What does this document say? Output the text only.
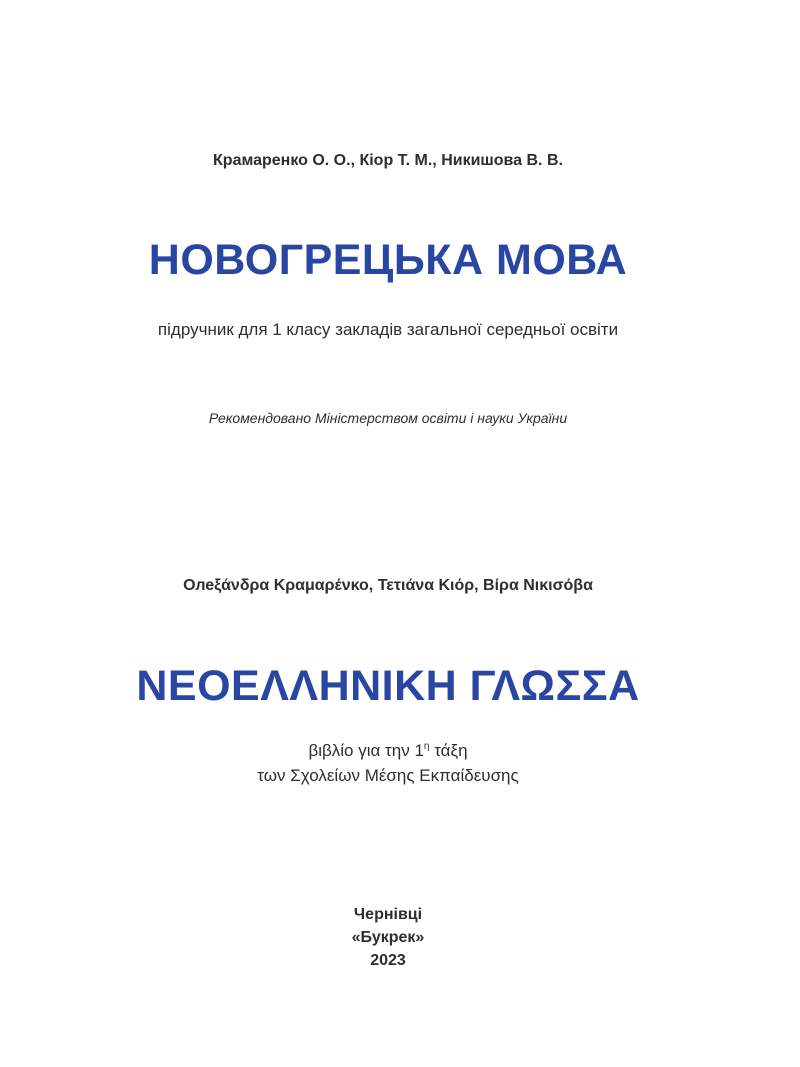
Крамаренко О. О., Кіор Т. М., Никишова В. В.

НОВОГРЕЦЬКА МОВА

підручник для 1 класу закладів загальної середньої освіти

Рекомендовано Міністерством освіти і науки України

Олеξάνδρα Κραμαρένκο, Τετιάνα Κιόρ, Βίρα Νικισόβα

ΝΕΟΕΛΛΗΝΙΚΗ ΓΛΩΣΣΑ

βιβλίο για την $1^\eta$ τάξη

των Σχολείων Μέσης Εκπαίδευσης

Чернівці
«Букрек»
2023
